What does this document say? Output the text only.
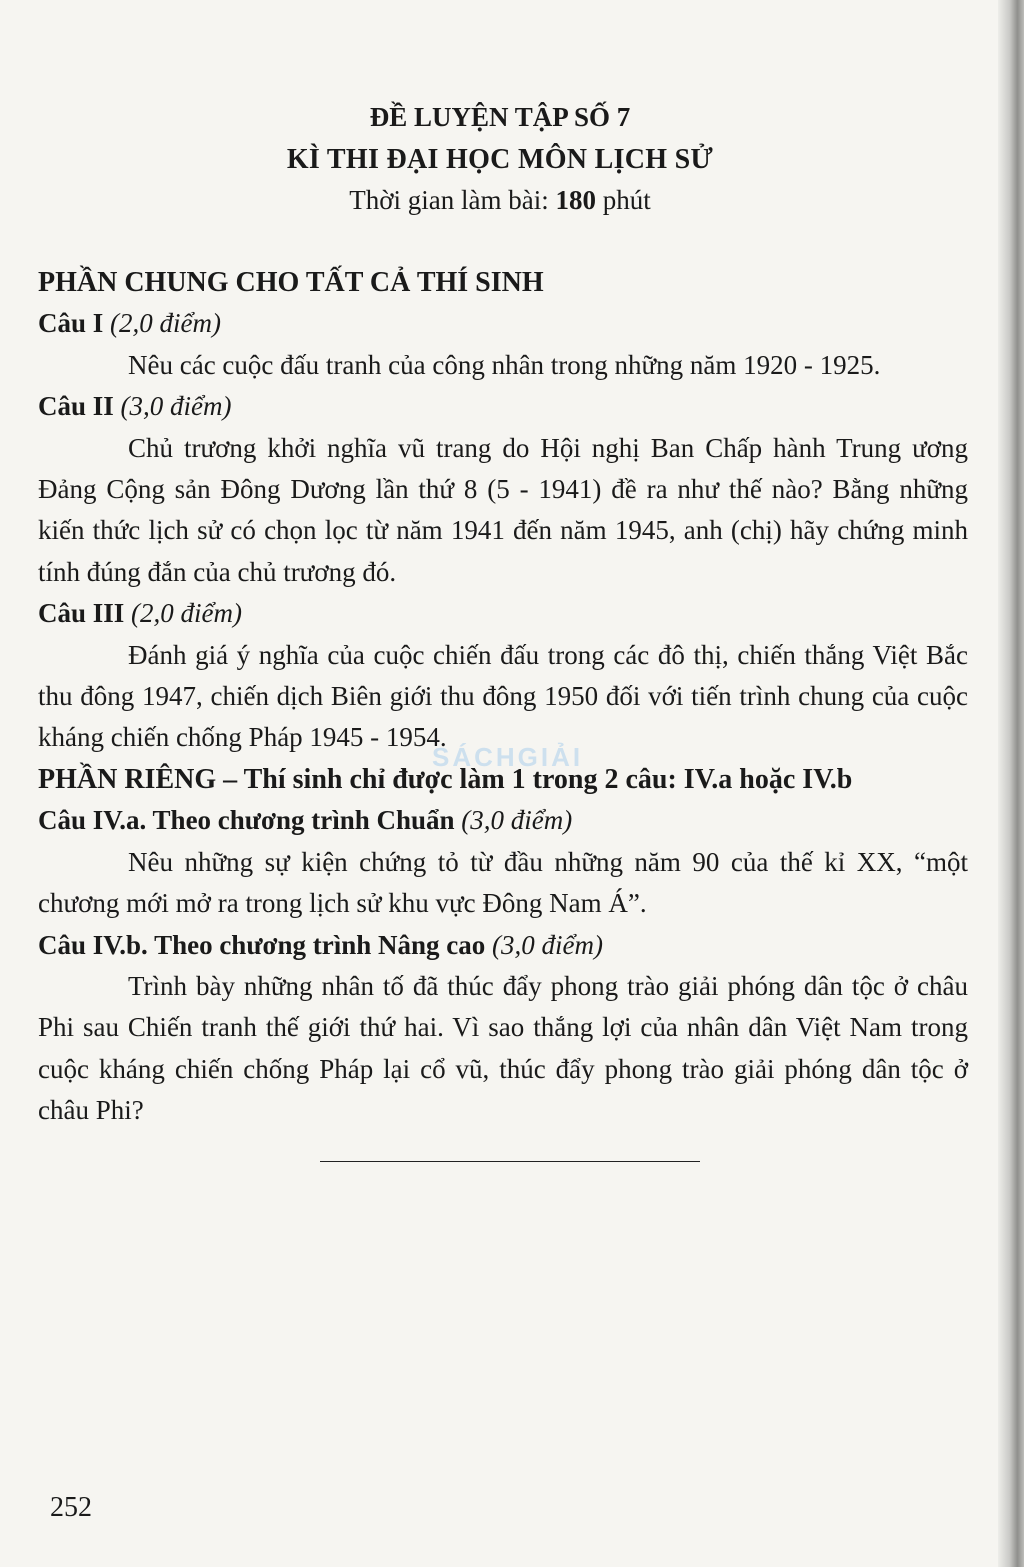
ĐỀ LUYỆN TẬP SỐ 7
KÌ THI ĐẠI HỌC MÔN LỊCH SỬ
Thời gian làm bài: 180 phút
PHẦN CHUNG CHO TẤT CẢ THÍ SINH
Câu I (2,0 điểm)

Nêu các cuộc đấu tranh của công nhân trong những năm 1920 - 1925.

Câu II (3,0 điểm)

Chủ trương khởi nghĩa vũ trang do Hội nghị Ban Chấp hành Trung ương Đảng Cộng sản Đông Dương lần thứ 8 (5 - 1941) đề ra như thế nào? Bằng những kiến thức lịch sử có chọn lọc từ năm 1941 đến năm 1945, anh (chị) hãy chứng minh tính đúng đắn của chủ trương đó.

Câu III (2,0 điểm)

Đánh giá ý nghĩa của cuộc chiến đấu trong các đô thị, chiến thắng Việt Bắc thu đông 1947, chiến dịch Biên giới thu đông 1950 đối với tiến trình chung của cuộc kháng chiến chống Pháp 1945 - 1954.

PHẦN RIÊNG – Thí sinh chỉ được làm 1 trong 2 câu: IV.a hoặc IV.b
Câu IV.a. Theo chương trình Chuẩn (3,0 điểm)

Nêu những sự kiện chứng tỏ từ đầu những năm 90 của thế kỉ XX, “một chương mới mở ra trong lịch sử khu vực Đông Nam Á”.

Câu IV.b. Theo chương trình Nâng cao (3,0 điểm)

Trình bày những nhân tố đã thúc đẩy phong trào giải phóng dân tộc ở châu Phi sau Chiến tranh thế giới thứ hai. Vì sao thắng lợi của nhân dân Việt Nam trong cuộc kháng chiến chống Pháp lại cổ vũ, thúc đẩy phong trào giải phóng dân tộc ở châu Phi?

SÁCHGIẢI
252
